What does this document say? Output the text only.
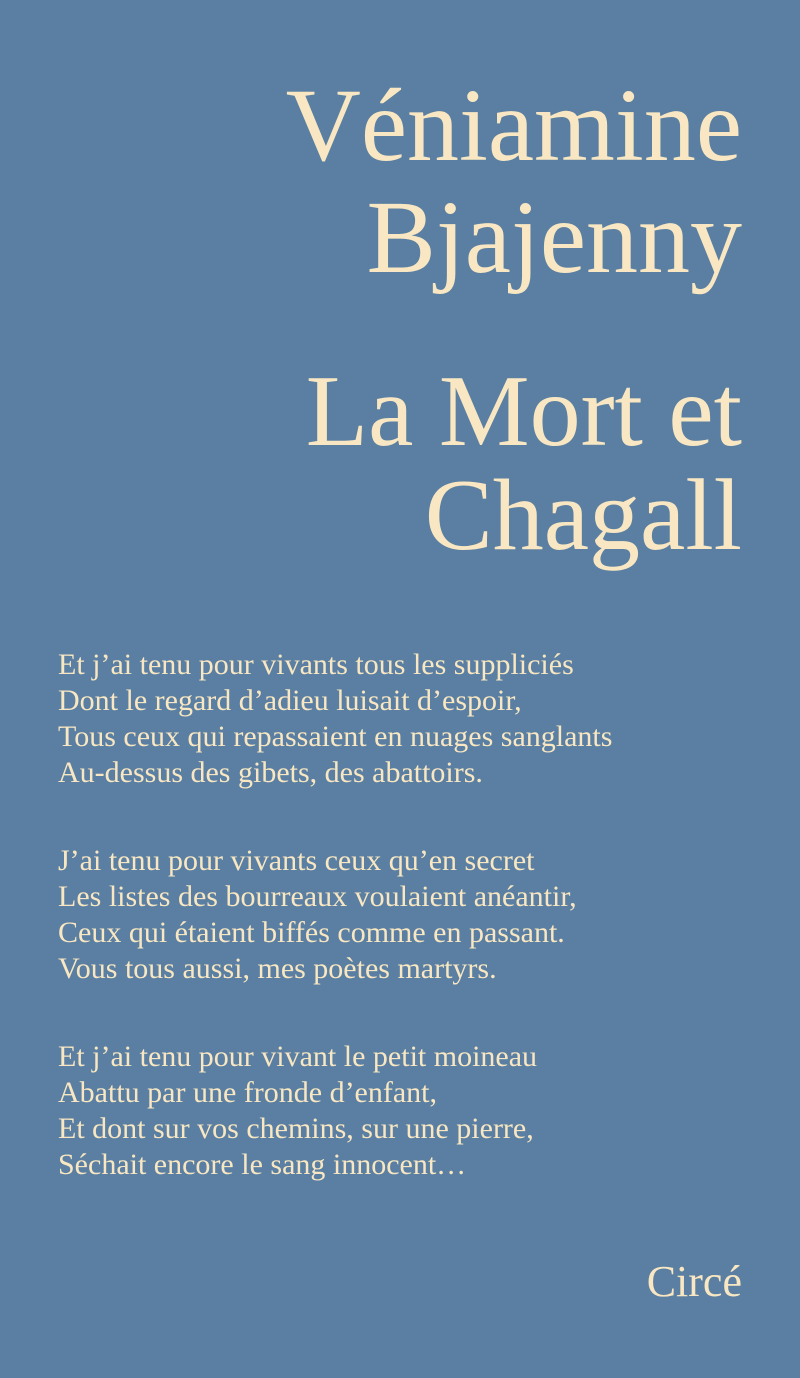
Véniamine
Bjajenny
La Mort et
Chagall
Et j’ai tenu pour vivants tous les suppliciés
Dont le regard d’adieu luisait d’espoir,
Tous ceux qui repassaient en nuages sanglants
Au-dessus des gibets, des abattoirs.
J’ai tenu pour vivants ceux qu’en secret
Les listes des bourreaux voulaient anéantir,
Ceux qui étaient biffés comme en passant.
Vous tous aussi, mes poètes martyrs.
Et j’ai tenu pour vivant le petit moineau
Abattu par une fronde d’enfant,
Et dont sur vos chemins, sur une pierre,
Séchait encore le sang innocent…
Circé
